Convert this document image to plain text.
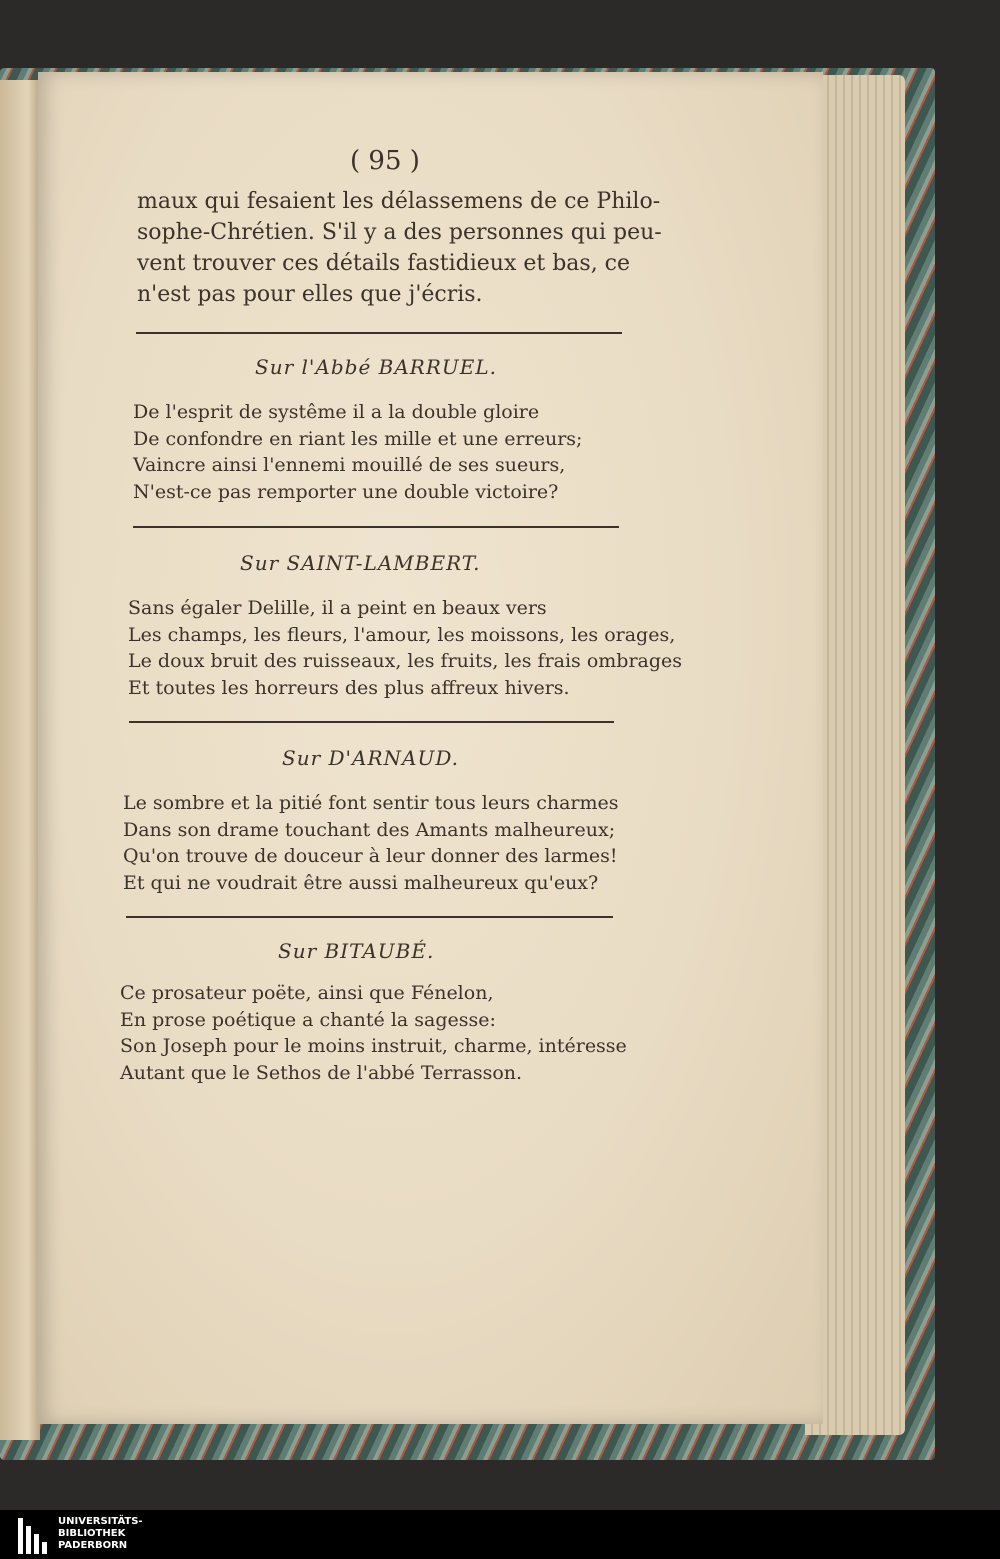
( 95 )
maux qui fesaient les délassemens de ce Philo-
sophe-Chrétien. S'il y a des personnes qui peu-
vent trouver ces détails fastidieux et bas, ce
n'est pas pour elles que j'écris.
Sur l'Abbé BARRUEL.
De l'esprit de systême il a la double gloire
De confondre en riant les mille et une erreurs;
Vaincre ainsi l'ennemi mouillé de ses sueurs,
N'est-ce pas remporter une double victoire?
Sur SAINT-LAMBERT.
Sans égaler Delille, il a peint en beaux vers
Les champs, les fleurs, l'amour, les moissons, les orages,
Le doux bruit des ruisseaux, les fruits, les frais ombrages
Et toutes les horreurs des plus affreux hivers.
Sur D'ARNAUD.
Le sombre et la pitié font sentir tous leurs charmes
Dans son drame touchant des Amants malheureux;
Qu'on trouve de douceur à leur donner des larmes!
Et qui ne voudrait être aussi malheureux qu'eux?
Sur BITAUBÉ.
Ce prosateur poëte, ainsi que Fénelon,
En prose poétique a chanté la sagesse:
Son Joseph pour le moins instruit, charme, intéresse
Autant que le Sethos de l'abbé Terrasson.
UNIVERSITÄTS-
BIBLIOTHEK
PADERBORN
